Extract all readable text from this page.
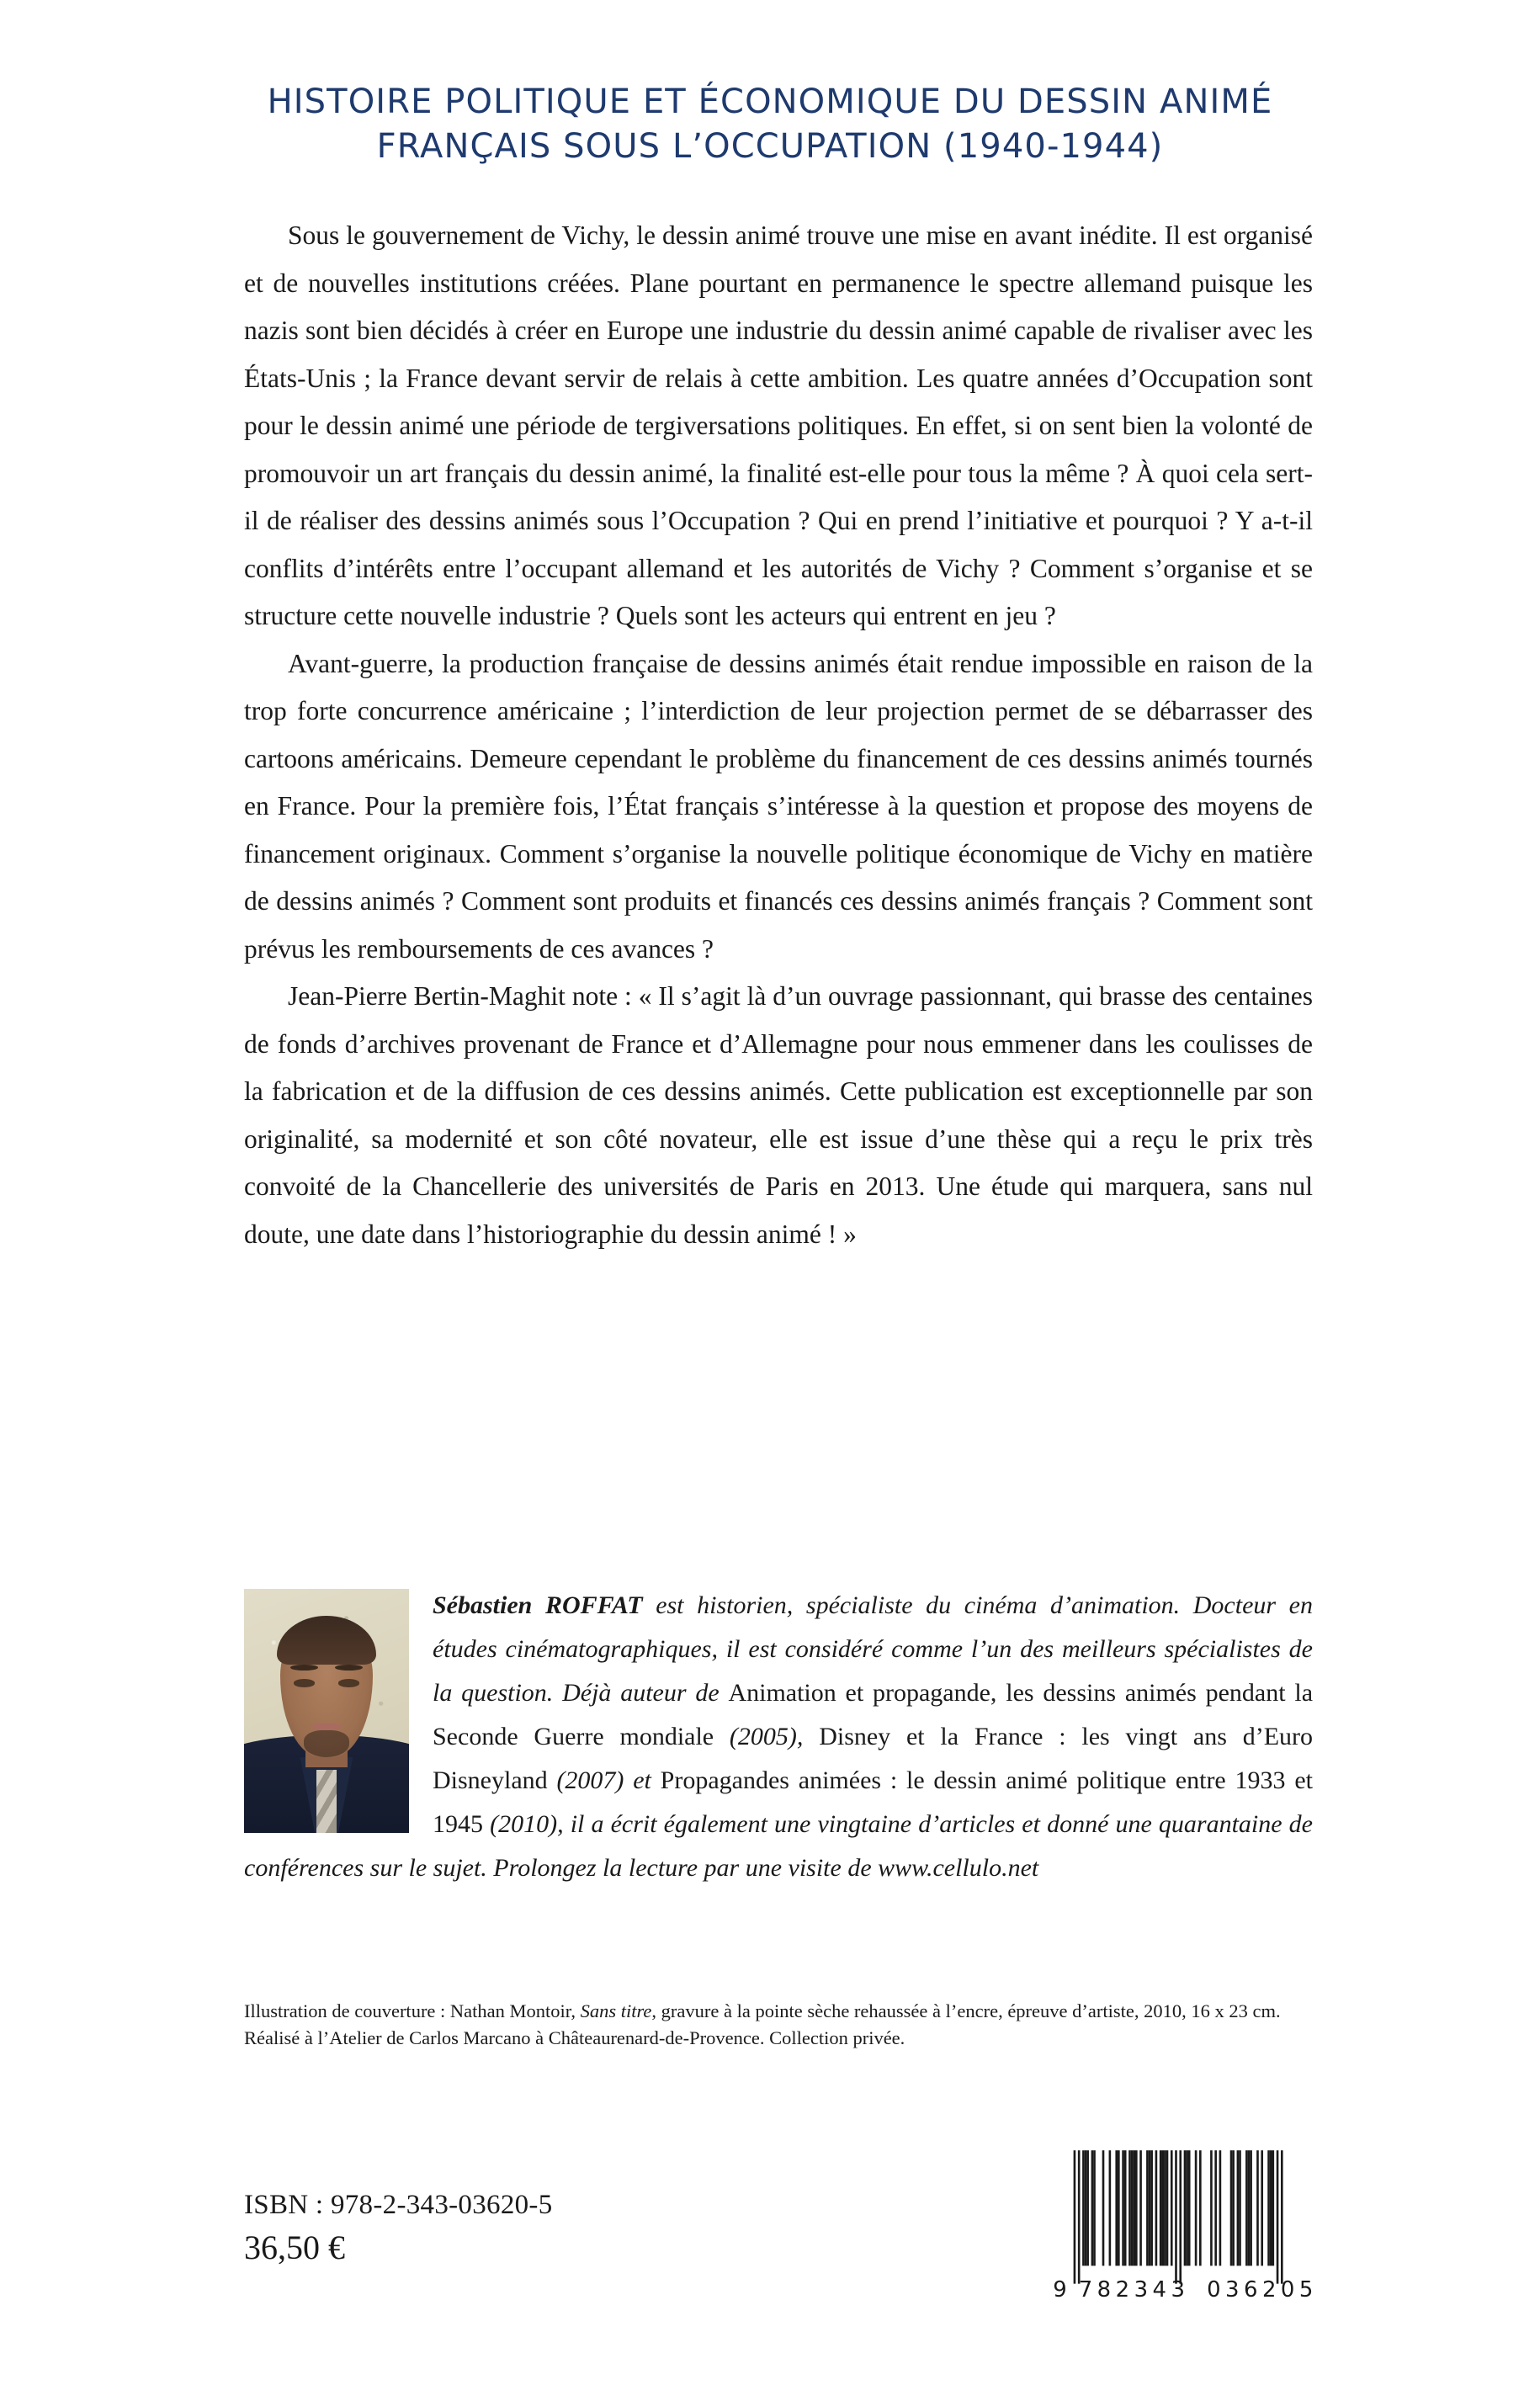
HISTOIRE POLITIQUE ET ÉCONOMIQUE DU DESSIN ANIMÉ
FRANÇAIS SOUS L’OCCUPATION (1940-1944)

Sous le gouvernement de Vichy, le dessin animé trouve une mise en avant inédite. Il est organisé et de nouvelles institutions créées. Plane pourtant en permanence le spectre allemand puisque les nazis sont bien décidés à créer en Europe une industrie du dessin animé capable de rivaliser avec les États-Unis ; la France devant servir de relais à cette ambition. Les quatre années d’Occupation sont pour le dessin animé une période de tergiversations politiques. En effet, si on sent bien la volonté de promouvoir un art français du dessin animé, la finalité est-elle pour tous la même ? À quoi cela sert-il de réaliser des dessins animés sous l’Occupation ? Qui en prend l’initiative et pourquoi ? Y a-t-il conflits d’intérêts entre l’occupant allemand et les autorités de Vichy ? Comment s’organise et se structure cette nouvelle industrie ? Quels sont les acteurs qui entrent en jeu ?

Avant-guerre, la production française de dessins animés était rendue impossible en raison de la trop forte concurrence américaine ; l’interdiction de leur projection permet de se débarrasser des cartoons américains. Demeure cependant le problème du financement de ces dessins animés tournés en France. Pour la première fois, l’État français s’intéresse à la question et propose des moyens de financement originaux. Comment s’organise la nouvelle politique économique de Vichy en matière de dessins animés ? Comment sont produits et financés ces dessins animés français ? Comment sont prévus les remboursements de ces avances ?

Jean-Pierre Bertin-Maghit note : « Il s’agit là d’un ouvrage passionnant, qui brasse des centaines de fonds d’archives provenant de France et d’Allemagne pour nous emmener dans les coulisses de la fabrication et de la diffusion de ces dessins animés. Cette publication est exceptionnelle par son originalité, sa modernité et son côté novateur, elle est issue d’une thèse qui a reçu le prix très convoité de la Chancellerie des universités de Paris en 2013. Une étude qui marquera, sans nul doute, une date dans l’historiographie du dessin animé ! »

Sébastien ROFFAT est historien, spécialiste du cinéma d’animation. Docteur en études cinématographiques, il est considéré comme l’un des meilleurs spécialistes de la question. Déjà auteur de Animation et propagande, les dessins animés pendant la Seconde Guerre mondiale (2005), Disney et la France : les vingt ans d’Euro Disneyland (2007) et Propagandes animées : le dessin animé politique entre 1933 et 1945 (2010), il a écrit également une vingtaine d’articles et donné une quarantaine de conférences sur le sujet. Prolongez la lecture par une visite de www.cellulo.net

Illustration de couverture : Nathan Montoir, Sans titre, gravure à la pointe sèche rehaussée à l’encre, épreuve d’artiste, 2010, 16 x 23 cm. Réalisé à l’Atelier de Carlos Marcano à Châteaurenard-de-Provence. Collection privée.

ISBN : 978-2-343-03620-5
36,50 €
9 782343 036205
